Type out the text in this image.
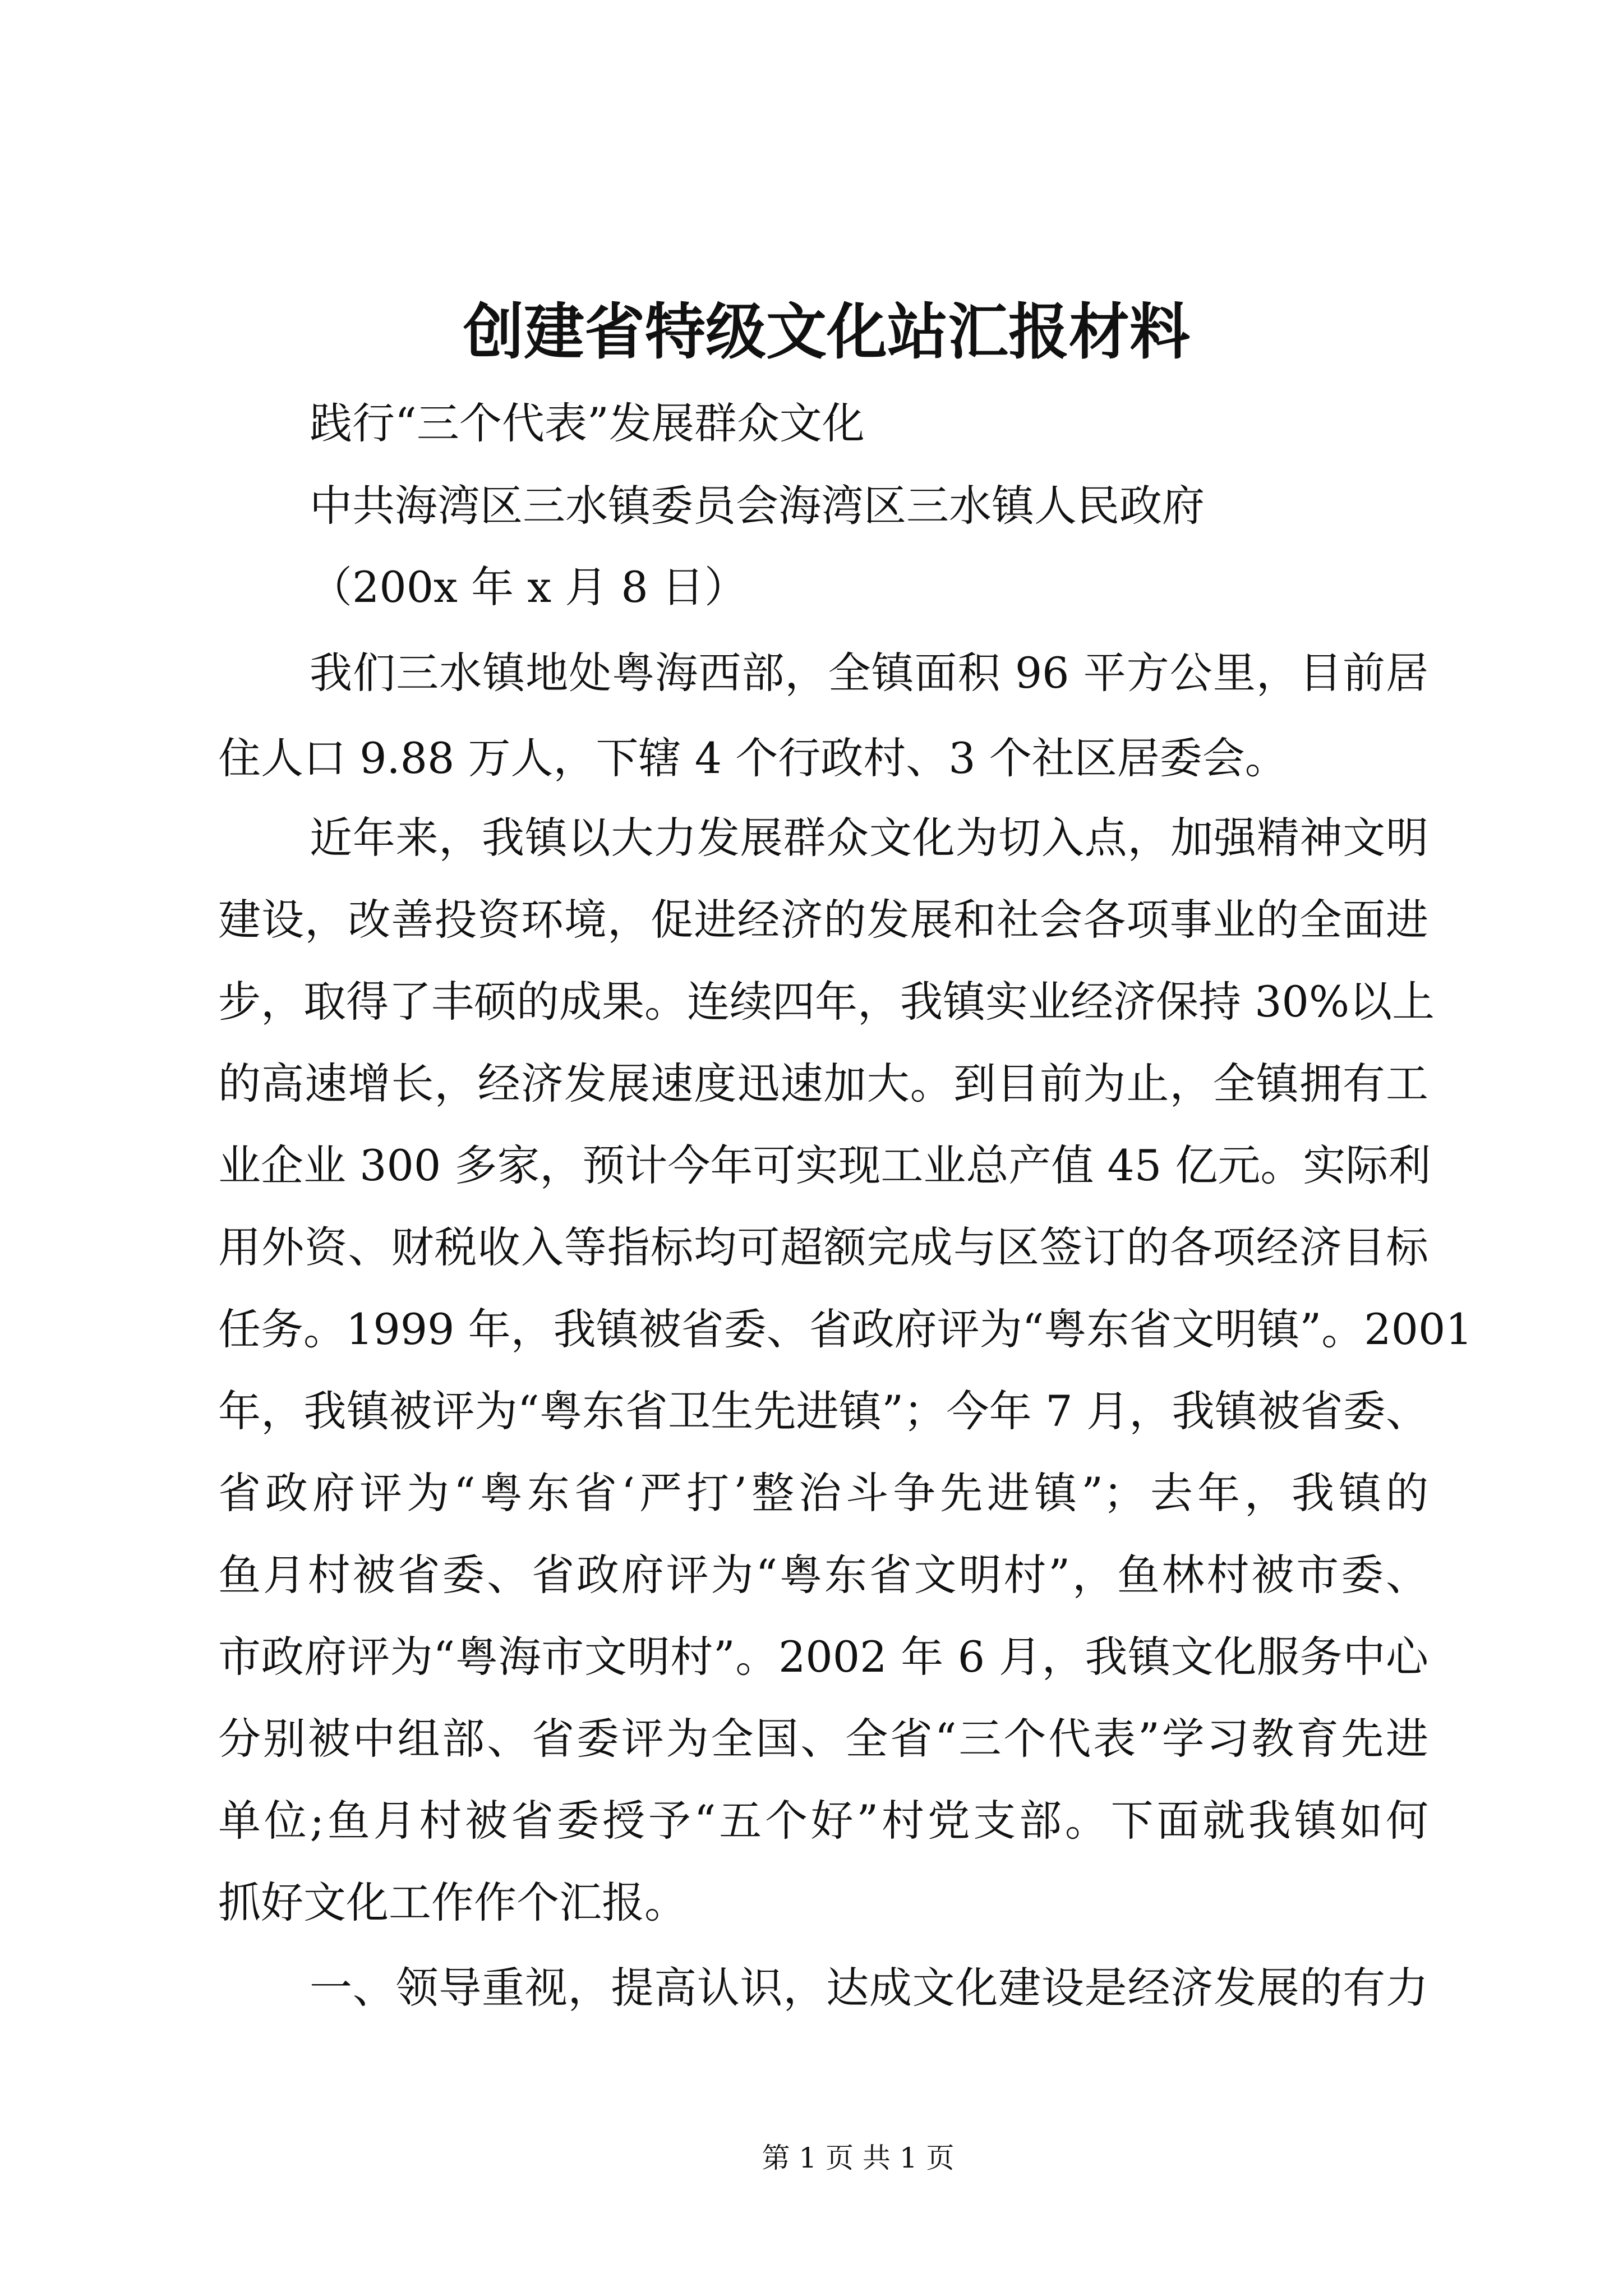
创建省特级文化站汇报材料
践行“三个代表”发展群众文化
中共海湾区三水镇委员会海湾区三水镇人民政府
（200x 年 x 月 8 日）
我们三水镇地处粤海西部，全镇面积 96 平方公里，目前居
住人口 9.88 万人，下辖 4 个行政村、3 个社区居委会。
近年来，我镇以大力发展群众文化为切入点，加强精神文明
建设，改善投资环境，促进经济的发展和社会各项事业的全面进
步，取得了丰硕的成果。连续四年，我镇实业经济保持 30%以上
的高速增长，经济发展速度迅速加大。到目前为止，全镇拥有工
业企业 300 多家，预计今年可实现工业总产值 45 亿元。实际利
用外资、财税收入等指标均可超额完成与区签订的各项经济目标
任务。1999 年，我镇被省委、省政府评为“粤东省文明镇”。2001
年，我镇被评为“粤东省卫生先进镇”；今年 7 月，我镇被省委、
省政府评为“粤东省‘严打’整治斗争先进镇”；去年，我镇的
鱼月村被省委、省政府评为“粤东省文明村”，鱼林村被市委、
市政府评为“粤海市文明村”。2002 年 6 月，我镇文化服务中心
分别被中组部、省委评为全国、全省“三个代表”学习教育先进
单位;鱼月村被省委授予“五个好”村党支部。下面就我镇如何
抓好文化工作作个汇报。
一、领导重视，提高认识，达成文化建设是经济发展的有力
第 1 页 共 1 页
